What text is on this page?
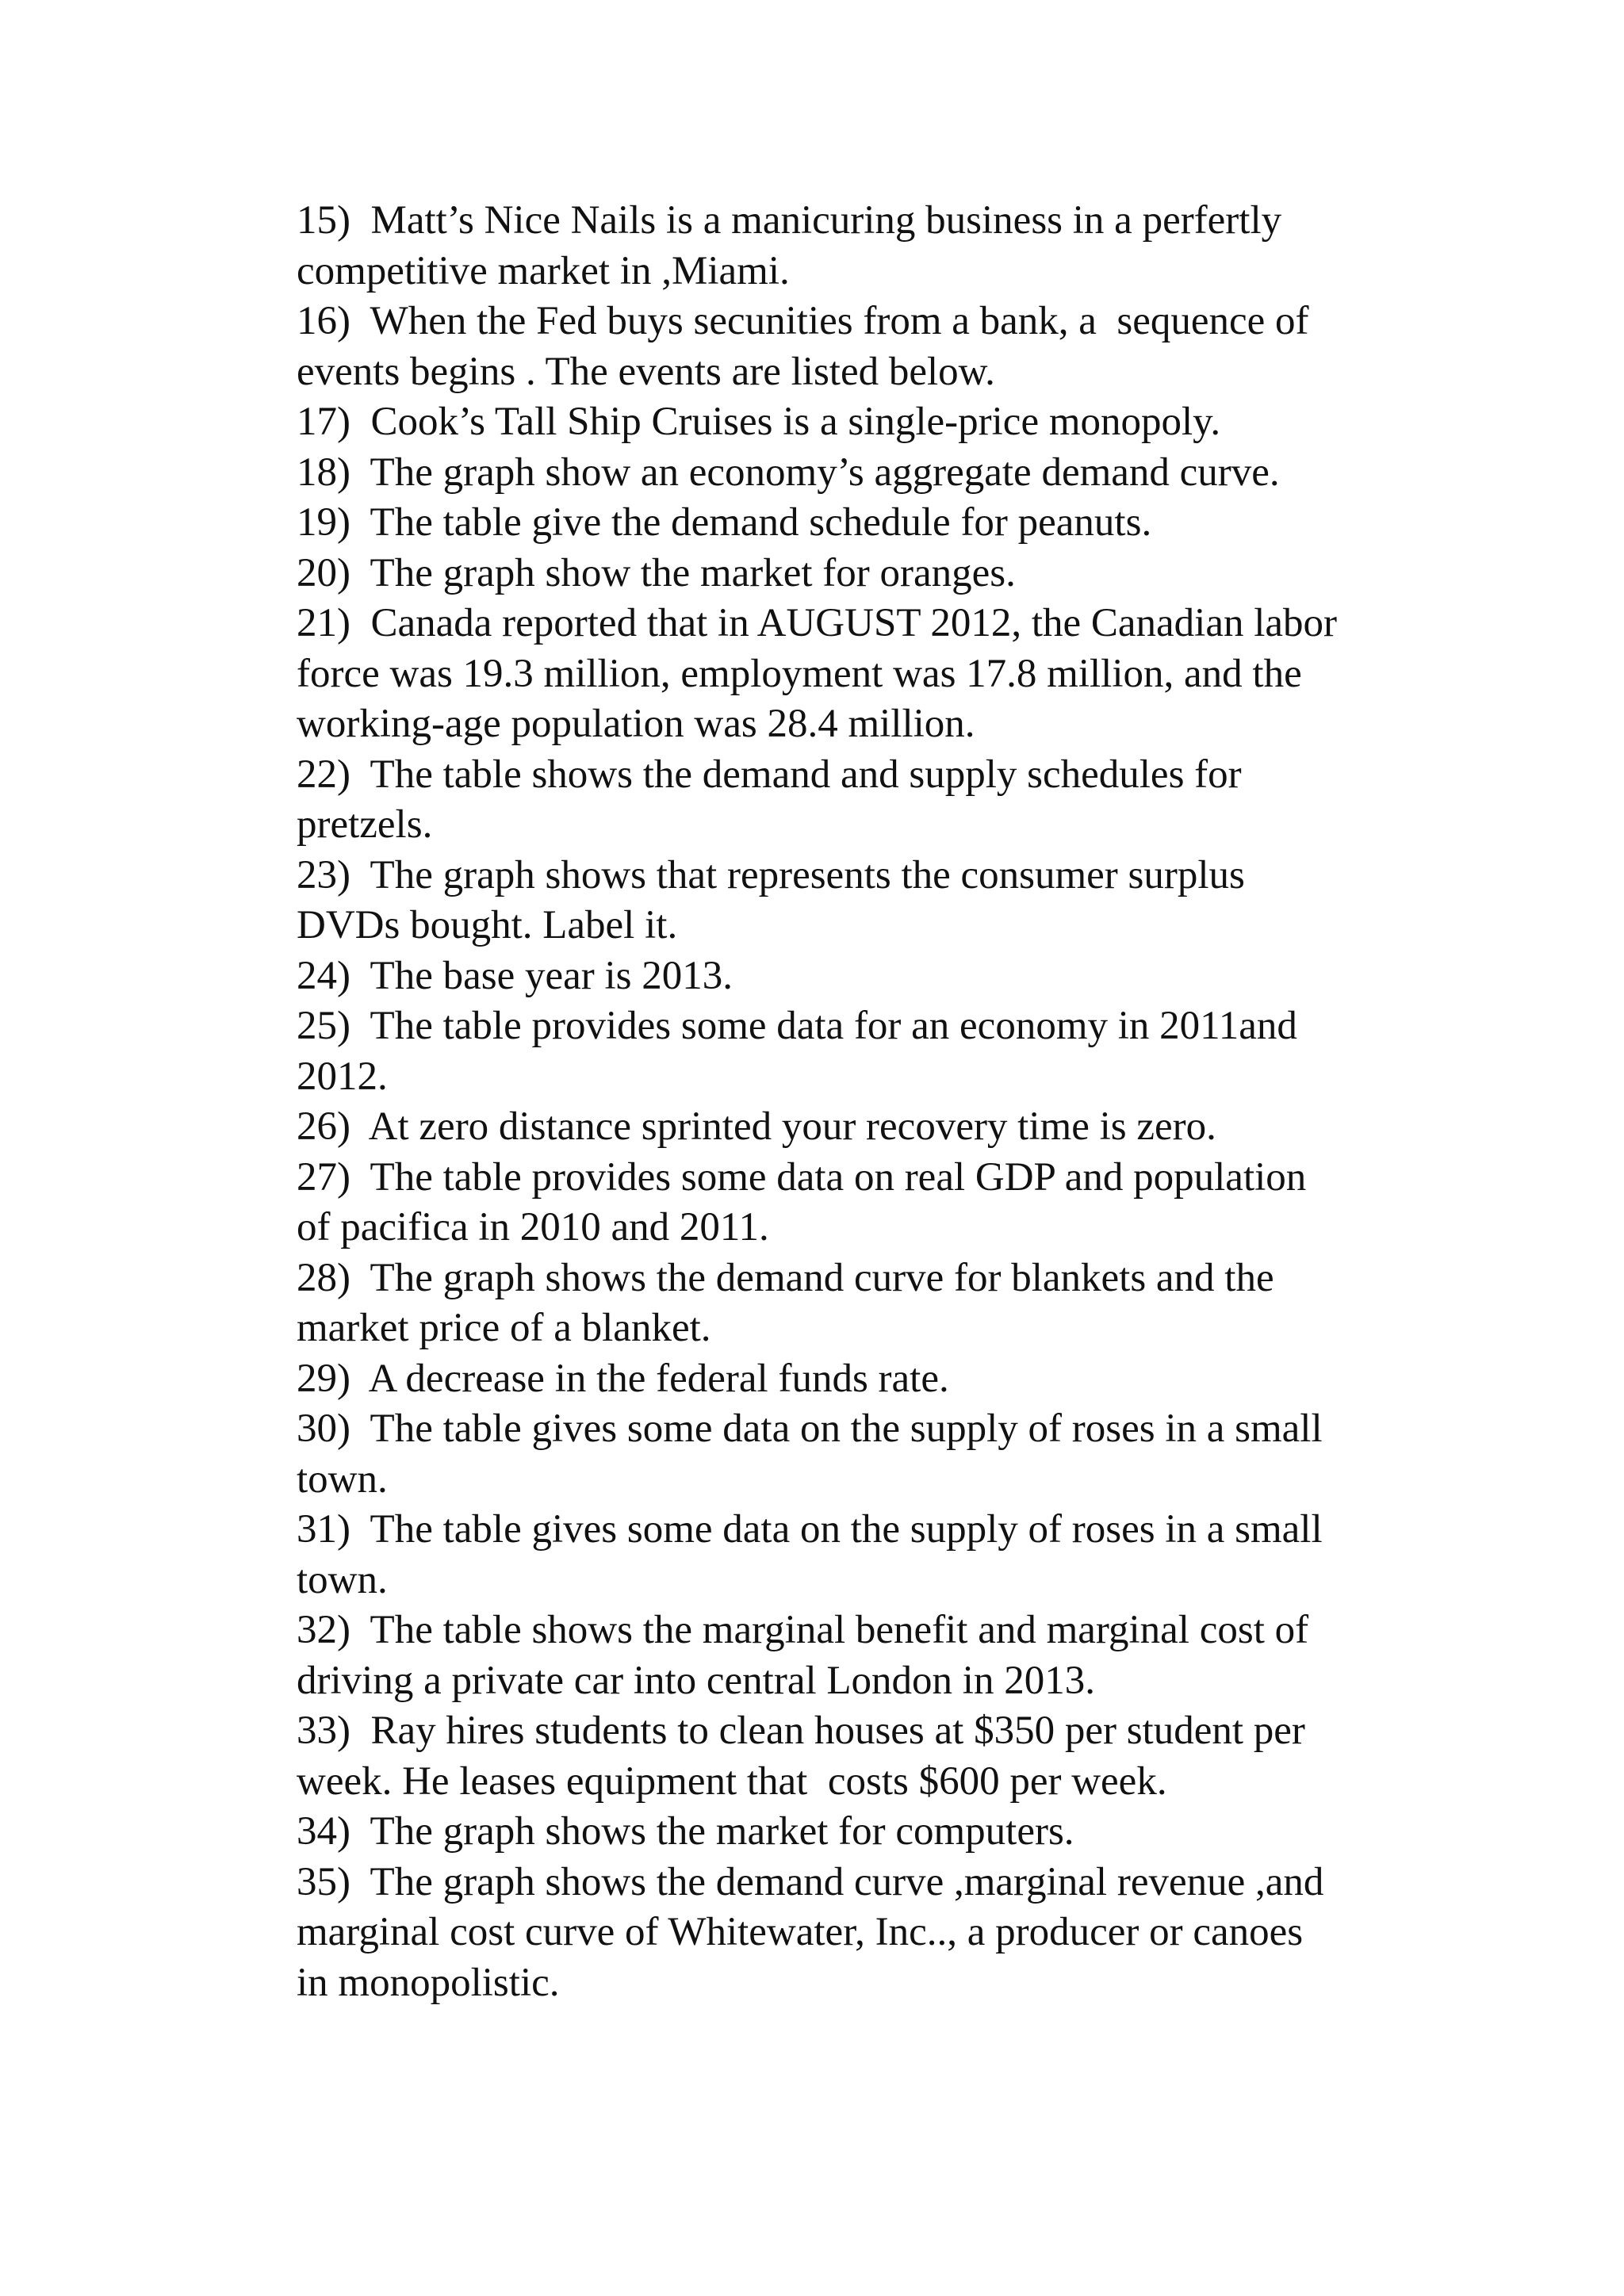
15)  Matt’s Nice Nails is a manicuring business in a perfertly
competitive market in ,Miami.
16)  When the Fed buys secunities from a bank, a  sequence of
events begins . The events are listed below.
17)  Cook’s Tall Ship Cruises is a single-price monopoly.
18)  The graph show an economy’s aggregate demand curve.
19)  The table give the demand schedule for peanuts.
20)  The graph show the market for oranges.
21)  Canada reported that in AUGUST 2012, the Canadian labor
force was 19.3 million, employment was 17.8 million, and the
working-age population was 28.4 million.
22)  The table shows the demand and supply schedules for
pretzels.
23)  The graph shows that represents the consumer surplus
DVDs bought. Label it.
24)  The base year is 2013.
25)  The table provides some data for an economy in 2011and
2012.
26)  At zero distance sprinted your recovery time is zero.
27)  The table provides some data on real GDP and population
of pacifica in 2010 and 2011.
28)  The graph shows the demand curve for blankets and the
market price of a blanket.
29)  A decrease in the federal funds rate.
30)  The table gives some data on the supply of roses in a small
town.
31)  The table gives some data on the supply of roses in a small
town.
32)  The table shows the marginal benefit and marginal cost of
driving a private car into central London in 2013.
33)  Ray hires students to clean houses at $350 per student per
week. He leases equipment that  costs $600 per week.
34)  The graph shows the market for computers.
35)  The graph shows the demand curve ,marginal revenue ,and
marginal cost curve of Whitewater, Inc.., a producer or canoes
in monopolistic.
